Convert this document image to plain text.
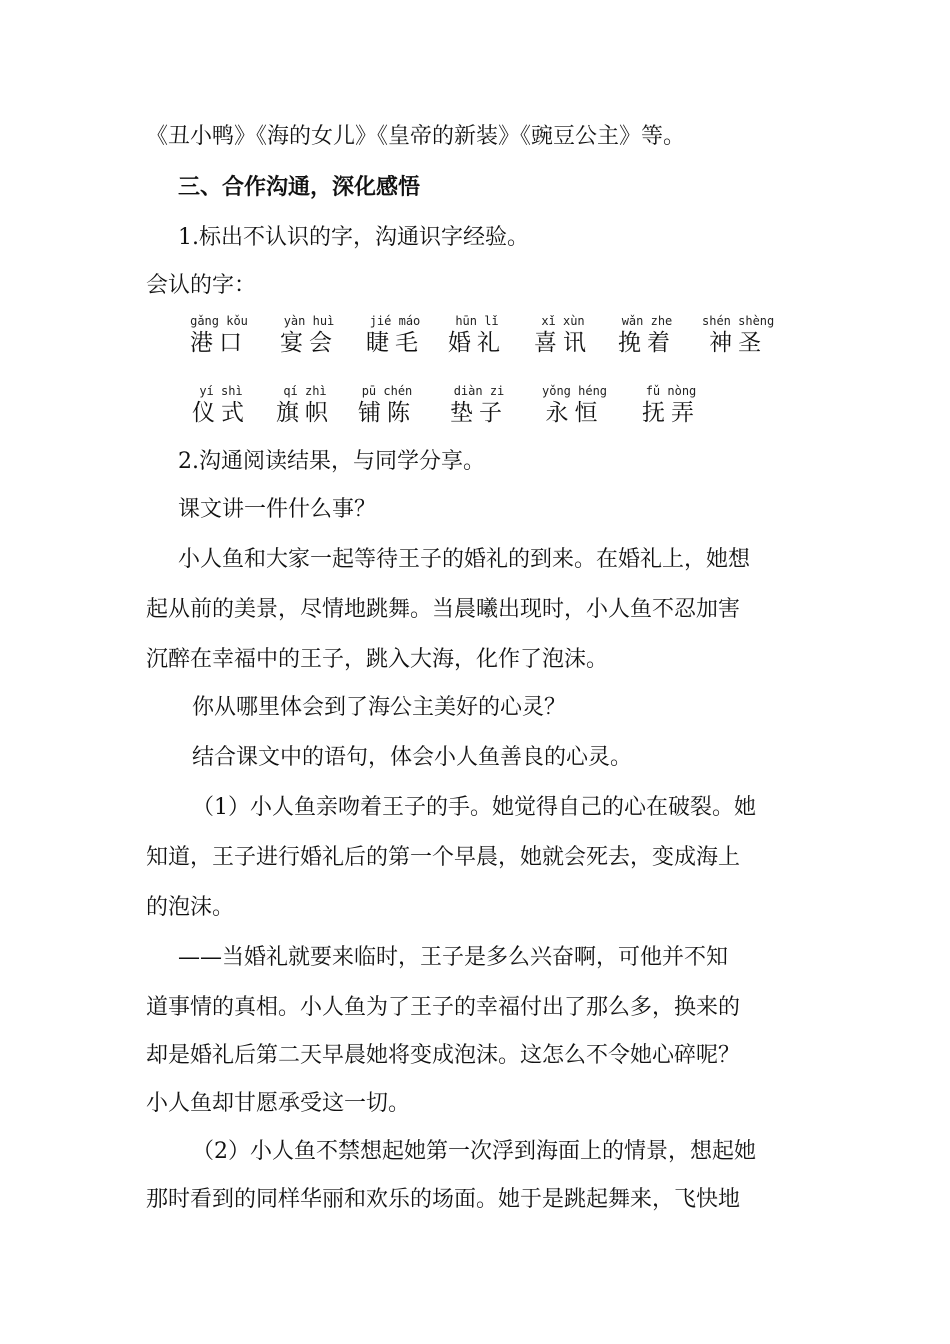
《丑小鸭》《海的女儿》《皇帝的新装》《豌豆公主》等。
三、合作沟通，深化感悟
1.标出不认识的字，沟通识字经验。
会认的字：
gǎng kǒu
港口
yàn huì
宴会
jié máo
睫毛
hūn lǐ
婚礼
xǐ xùn
喜讯
wǎn zhe
挽着
shén shèng
神圣
yí shì
仪式
qí zhì
旗帜
pū chén
铺陈
diàn zi
垫子
yǒng héng
永恒
fǔ nòng
抚弄
2.沟通阅读结果，与同学分享。
课文讲一件什么事？
小人鱼和大家一起等待王子的婚礼的到来。在婚礼上，她想
起从前的美景，尽情地跳舞。当晨曦出现时，小人鱼不忍加害
沉醉在幸福中的王子，跳入大海，化作了泡沫。
你从哪里体会到了海公主美好的心灵？
结合课文中的语句，体会小人鱼善良的心灵。
（1）小人鱼亲吻着王子的手。她觉得自己的心在破裂。她
知道，王子进行婚礼后的第一个早晨，她就会死去，变成海上
的泡沫。
——当婚礼就要来临时，王子是多么兴奋啊，可他并不知
道事情的真相。小人鱼为了王子的幸福付出了那么多，换来的
却是婚礼后第二天早晨她将变成泡沫。这怎么不令她心碎呢？
小人鱼却甘愿承受这一切。
（2）小人鱼不禁想起她第一次浮到海面上的情景，想起她
那时看到的同样华丽和欢乐的场面。她于是跳起舞来，飞快地
